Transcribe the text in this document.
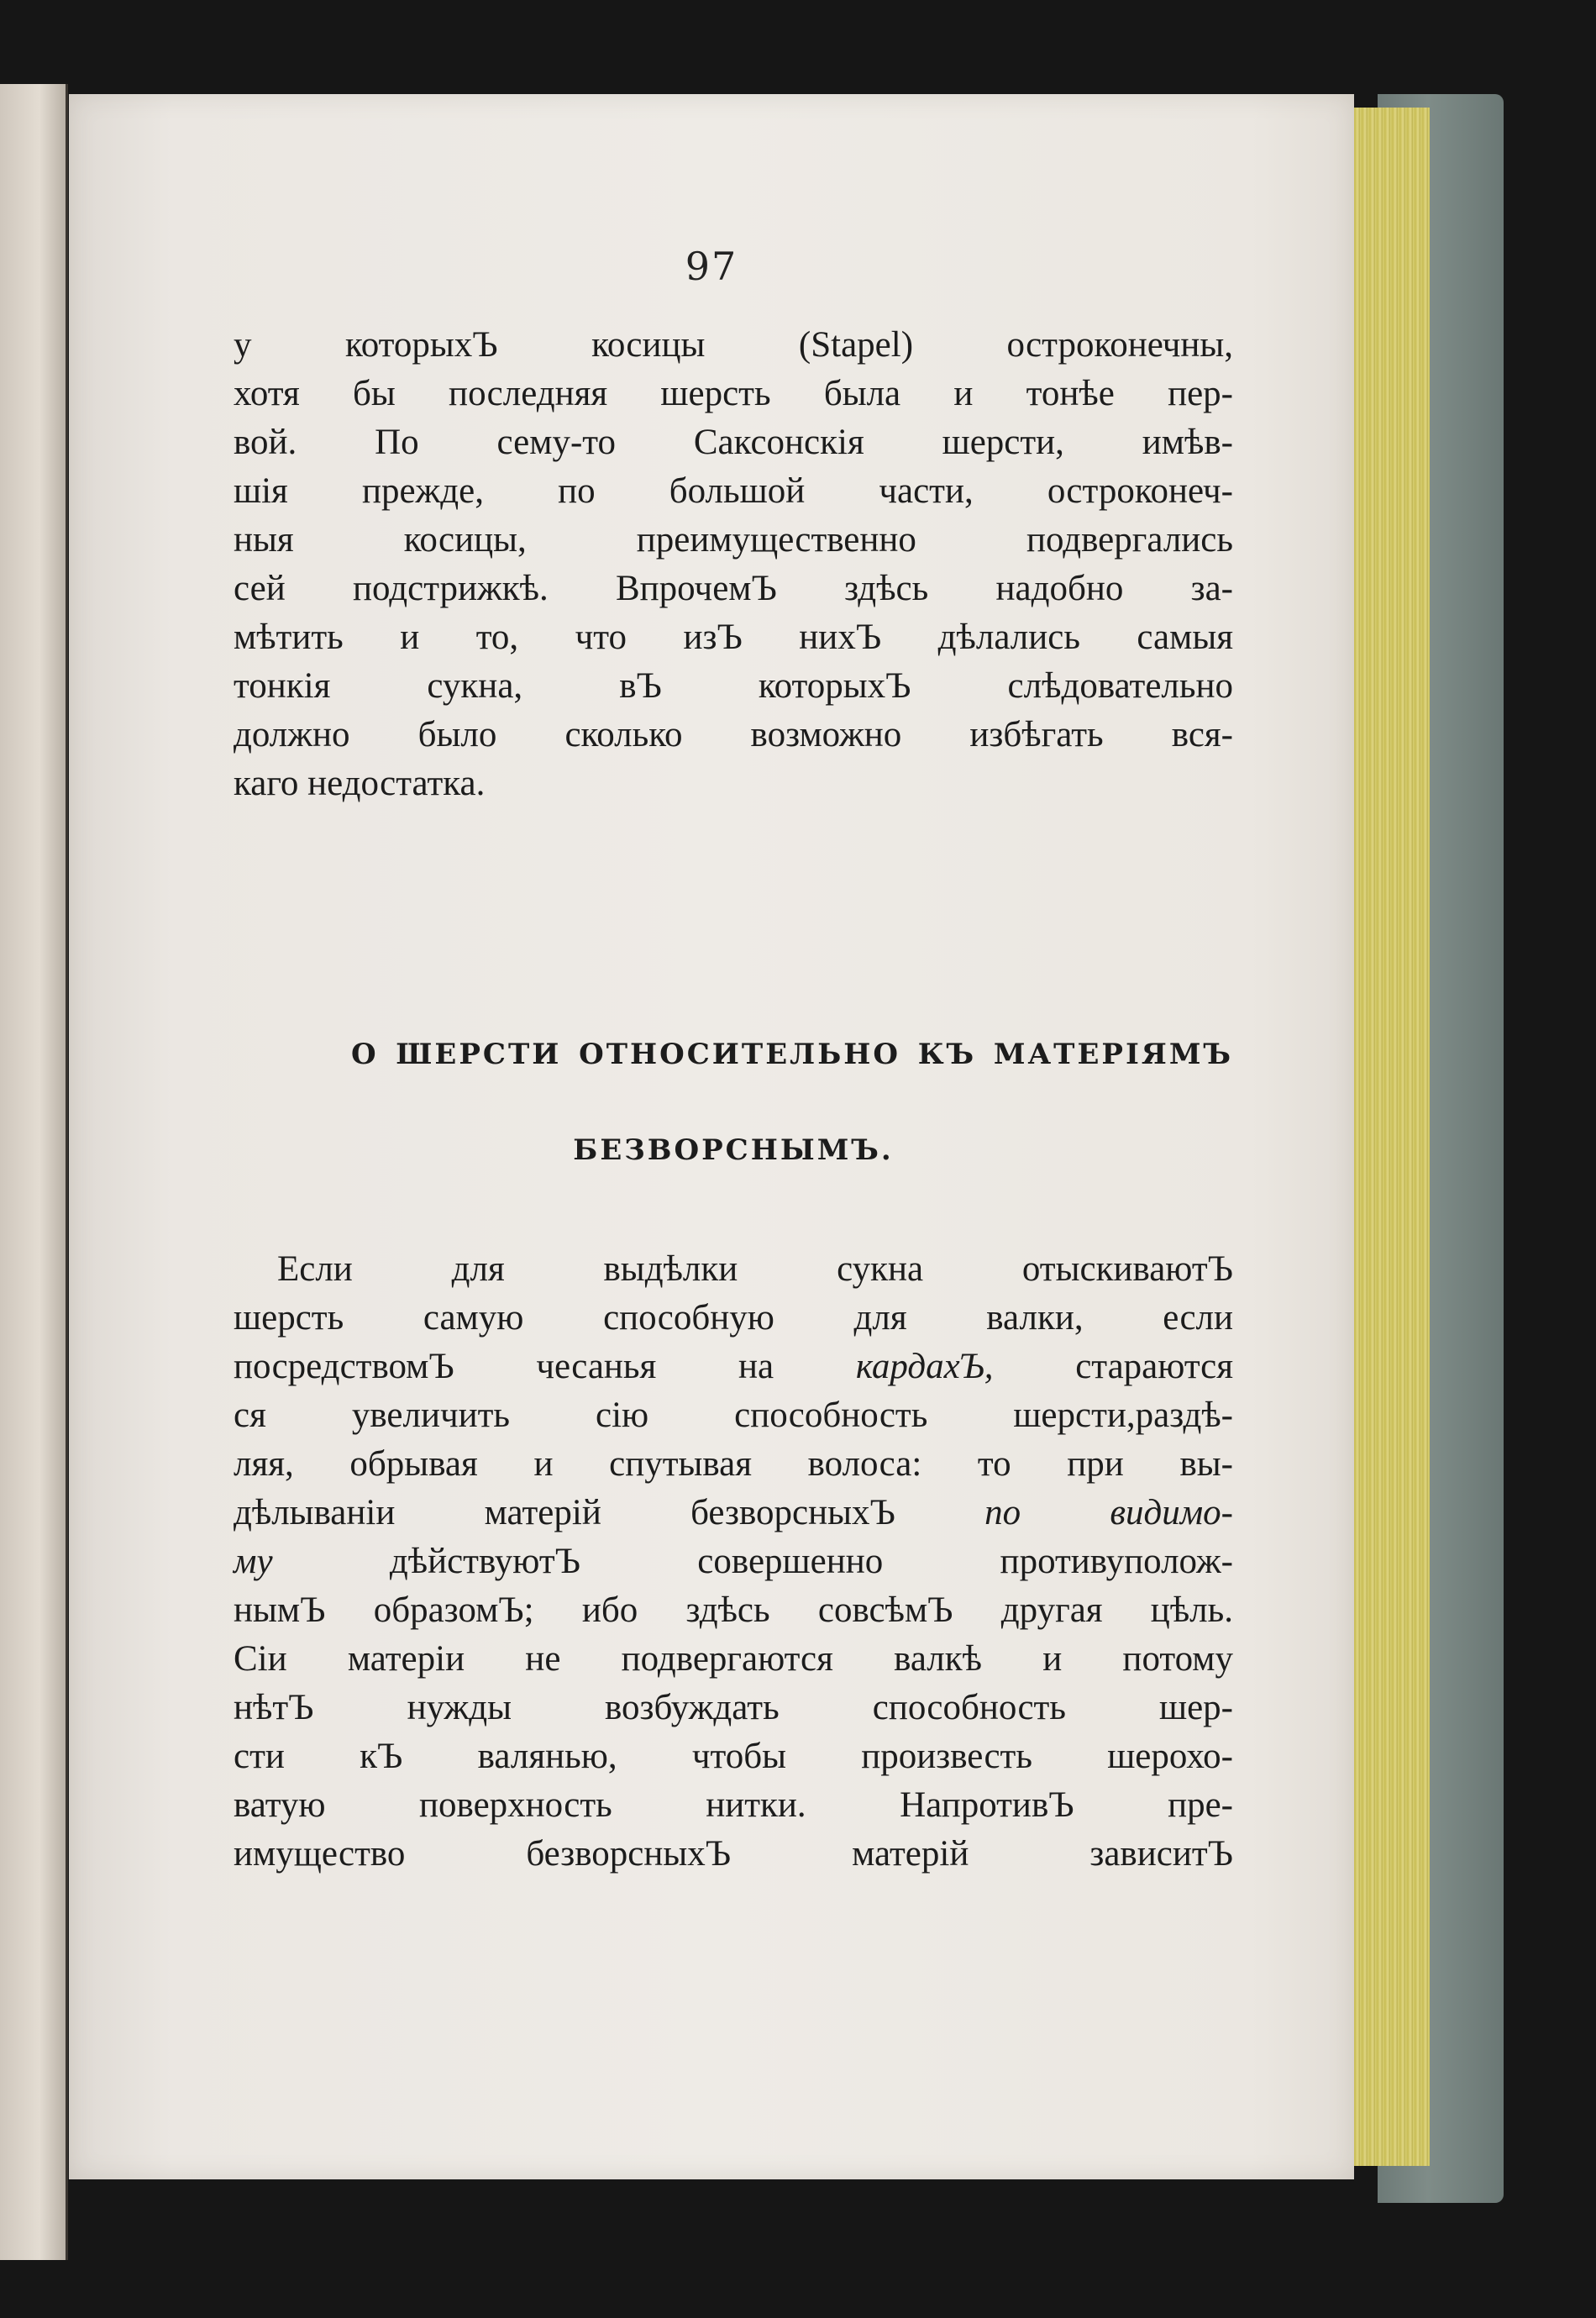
97
у которыхЪ косицы (Stapel) остроконечны,
хотя бы последняя шерсть была и тонѣе пер-
вой. По сему-то Саксонскія шерсти, имѣв-
шія прежде, по большой части, остроконеч-
ныя косицы, преимущественно подвергались
сей подстрижкѣ. ВпрочемЪ здѣсь надобно за-
мѣтить и то, что изЪ нихЪ дѣлались самыя
тонкія сукна, вЪ которыхЪ слѣдовательно
должно было сколько возможно избѣгать вся-
каго недостатка.
О ШЕРСТИ ОТНОСИТЕЛЬНО КЪ МАТЕРІЯМЪ
БЕЗВОРСНЫМЪ.
Если для выдѣлки сукна отыскиваютЪ
шерсть самую способную для валки, если
посредствомЪ чесанья на кардахЪ, стараются
ся увеличить сію способность шерсти,раздѣ-
ляя, обрывая и спутывая волоса: то при вы-
дѣлываніи матерій безворсныхЪ по видимо-
му дѣйствуютЪ совершенно противуполож-
нымЪ образомЪ; ибо здѣсь совсѣмЪ другая цѣль.
Сіи матеріи не подвергаются валкѣ и потому
нѣтЪ нужды возбуждать способность шер-
сти кЪ валянью, чтобы произвесть шерохо-
ватую поверхность нитки. НапротивЪ пре-
имущество безворсныхЪ матерій зависитЪ
